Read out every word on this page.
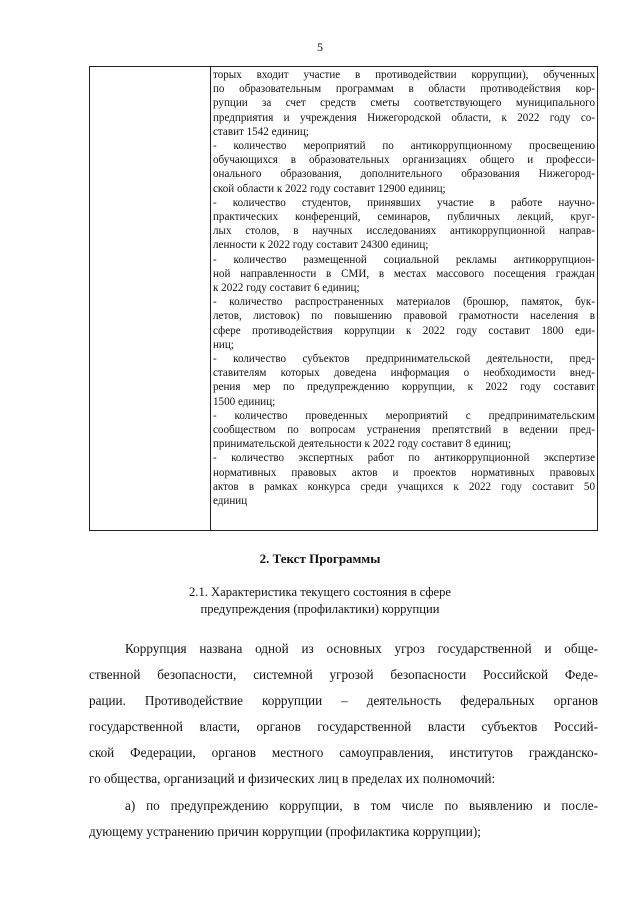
5
торых входит участие в противодействии коррупции), обученных
по образовательным программам в области противодействия кор-
рупции за счет средств сметы соответствующего муниципального
предприятия и учреждения Нижегородской области, к 2022 году со-
ставит 1542 единиц;
- количество мероприятий по антикоррупционному просвещению
обучающихся в образовательных организациях общего и професси-
онального образования, дополнительного образования Нижегород-
ской области к 2022 году составит 12900 единиц;
- количество студентов, принявших участие в работе научно-
практических конференций, семинаров, публичных лекций, круг-
лых столов, в научных исследованиях антикоррупционной направ-
ленности к 2022 году составит 24300 единиц;
- количество размещенной социальной рекламы антикоррупцион-
ной направленности в СМИ, в местах массового посещения граждан
к 2022 году составит 6 единиц;
- количество распространенных материалов (брошюр, памяток, бук-
летов, листовок) по повышению правовой грамотности населения в
сфере противодействия коррупции к 2022 году составит 1800 еди-
ниц;
- количество субъектов предпринимательской деятельности, пред-
ставителям которых доведена информация о необходимости внед-
рения мер по предупреждению коррупции, к 2022 году составит
1500 единиц;
- количество проведенных мероприятий с предпринимательским
сообществом по вопросам устранения препятствий в ведении пред-
принимательской деятельности к 2022 году составит 8 единиц;
- количество экспертных работ по антикоррупционной экспертизе
нормативных правовых актов и проектов нормативных правовых
актов в рамках конкурса среди учащихся к 2022 году составит 50
единиц
2. Текст Программы
2.1. Характеристика текущего состояния в сфере
предупреждения (профилактики) коррупции
Коррупция названа одной из основных угроз государственной и обще-
ственной безопасности, системной угрозой безопасности Российской Феде-
рации. Противодействие коррупции – деятельность федеральных органов
государственной власти, органов государственной власти субъектов Россий-
ской Федерации, органов местного самоуправления, институтов гражданско-
го общества, организаций и физических лиц в пределах их полномочий:
а) по предупреждению коррупции, в том числе по выявлению и после-
дующему устранению причин коррупции (профилактика коррупции);
